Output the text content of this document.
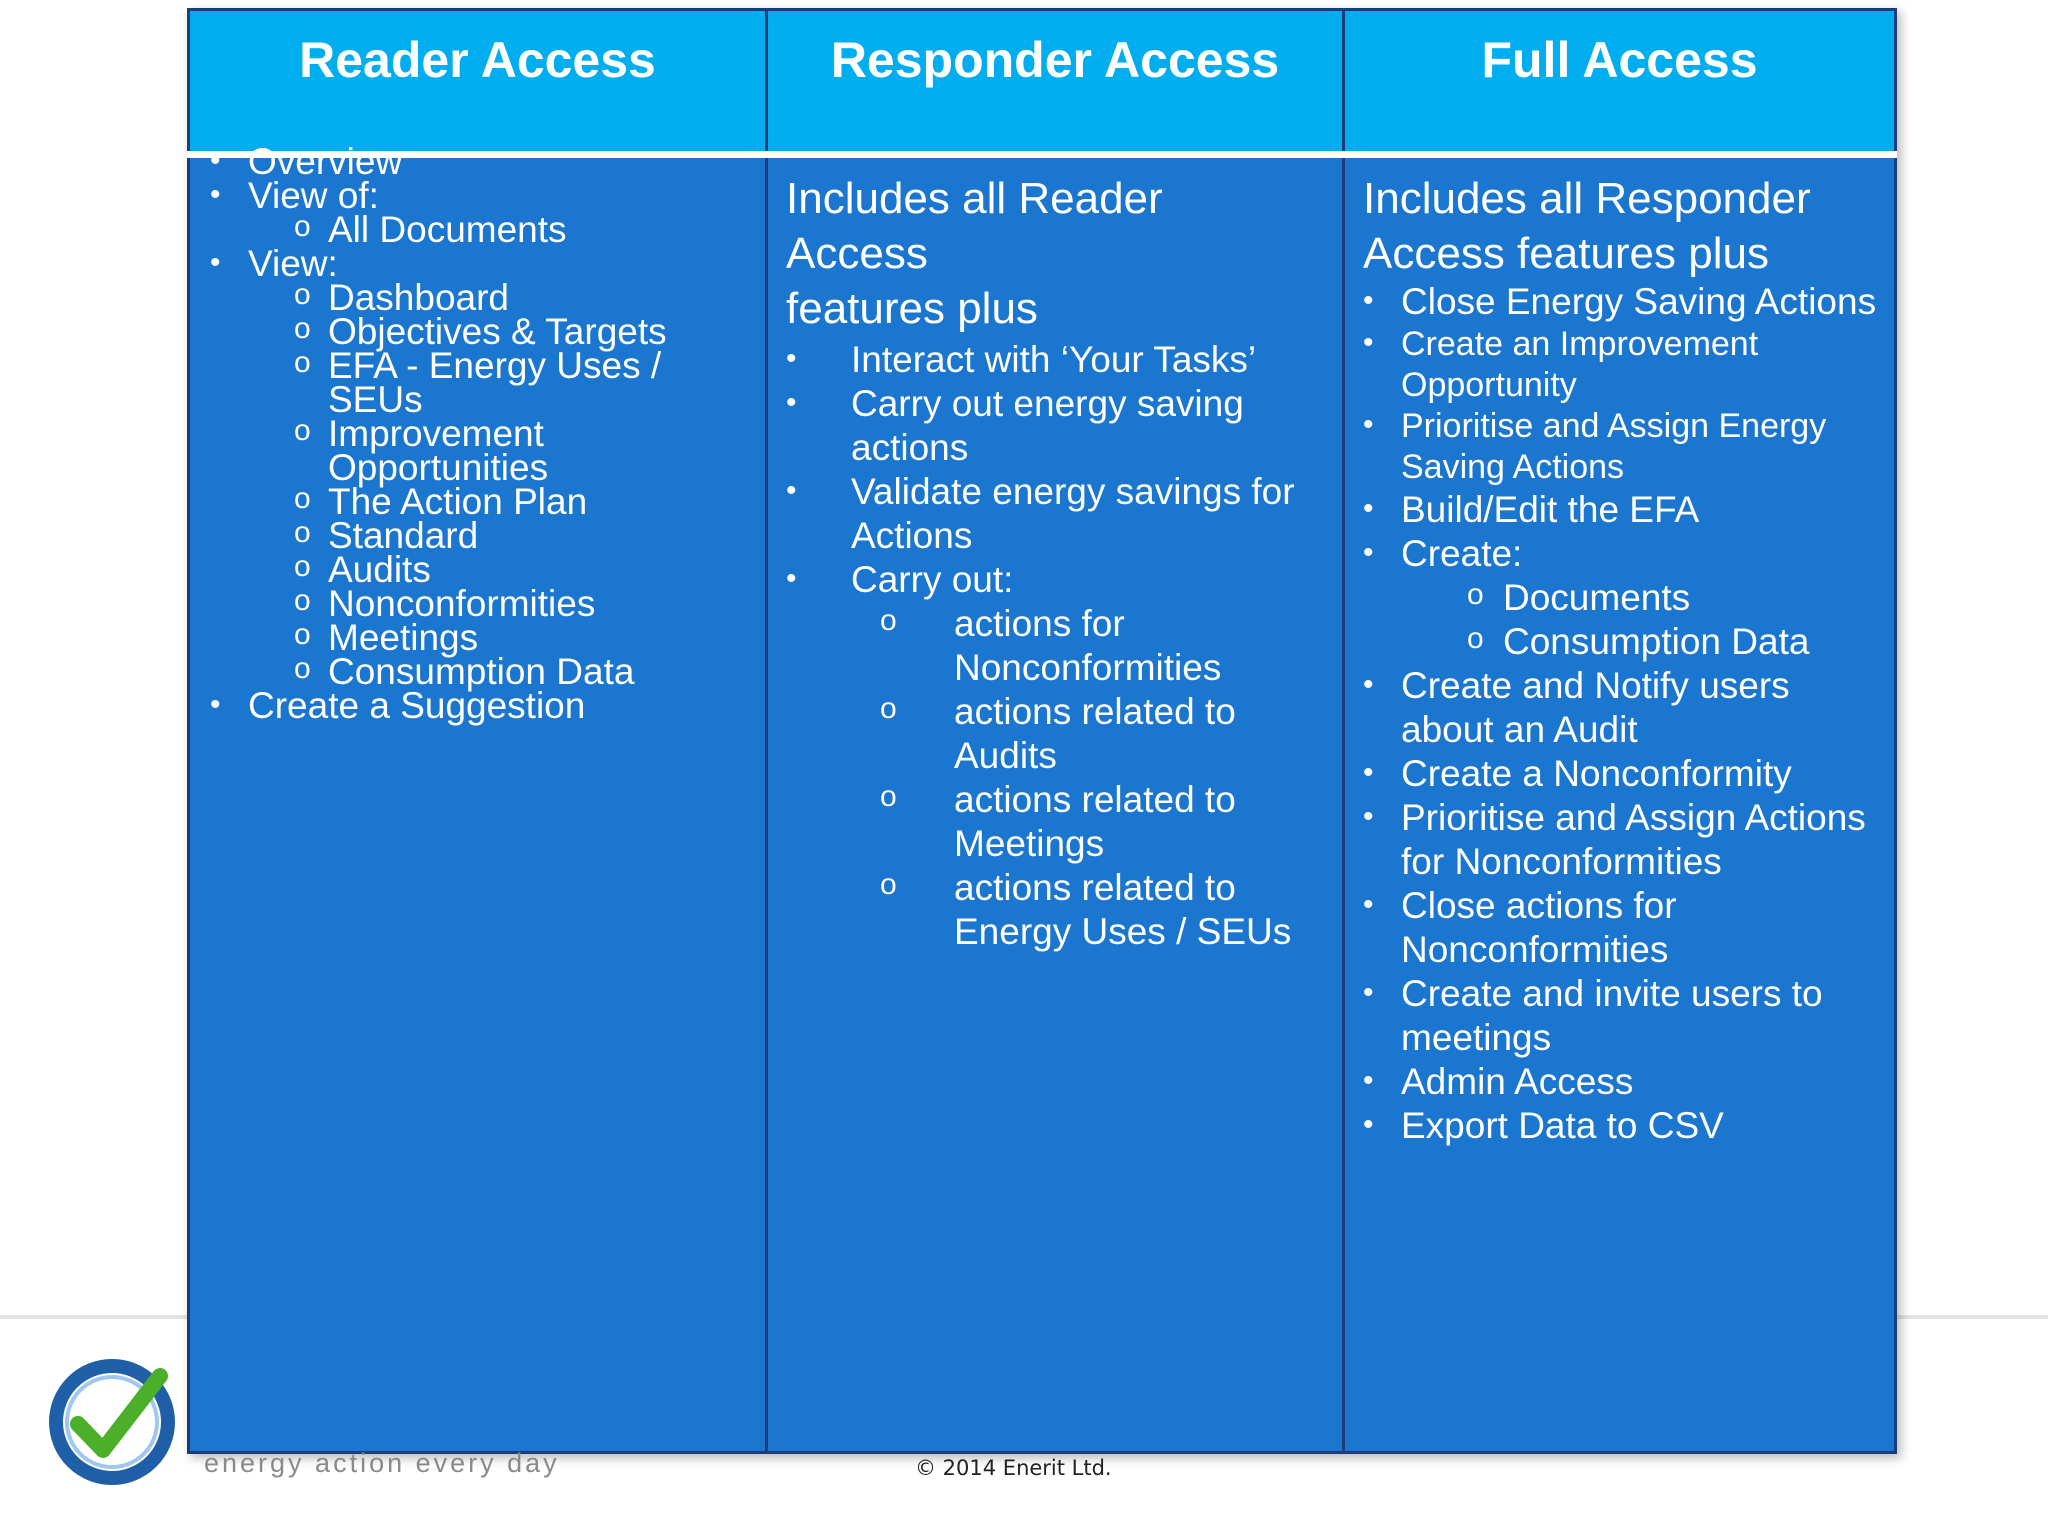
Reader Access
• Overview
• View of:
o All Documents
• View:
o Dashboard
o Objectives & Targets
o EFA - Energy Uses /
SEUs
o Improvement
Opportunities
o The Action Plan
o Standard
o Audits
o Nonconformities
o Meetings
o Consumption Data
• Create a Suggestion
Responder Access
Includes all Reader
Access
features plus
• Interact with ‘Your Tasks’
• Carry out energy saving
actions
• Validate energy savings for
Actions
• Carry out:
o actions for
Nonconformities
o actions related to
Audits
o actions related to
Meetings
o actions related to
Energy Uses / SEUs
Full Access
Includes all Responder
Access features plus
• Close Energy Saving Actions
• Create an Improvement
Opportunity
• Prioritise and Assign Energy
Saving Actions
• Build/Edit the EFA
• Create:
o Documents
o Consumption Data
• Create and Notify users
about an Audit
• Create a Nonconformity
• Prioritise and Assign Actions
for Nonconformities
• Close actions for
Nonconformities
• Create and invite users to
meetings
• Admin Access
• Export Data to CSV
energy action every day	© 2014 Enerit Ltd.
